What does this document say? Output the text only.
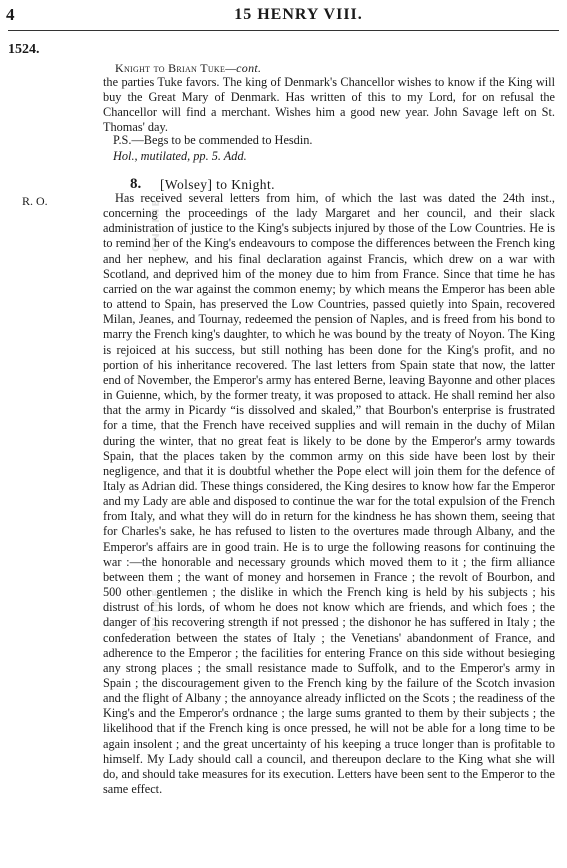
ONLINE
ONLINE
4	15 HENRY VIII.
1524.
Knight to Brian Tuke—cont.
the parties Tuke favors. The king of Denmark's Chancellor wishes to know if the King will buy the Great Mary of Denmark. Has written of this to my Lord, for on refusal the Chancellor will find a merchant. Wishes him a good new year. John Savage left on St. Thomas' day.
P.S.—Begs to be commended to Hesdin.
Hol., mutilated, pp. 5. Add.
8. [Wolsey] to Knight.
R. O.	Has received several letters from him, of which the last was dated the 24th inst., concerning the proceedings of the lady Margaret and her council, and their slack administration of justice to the King's subjects injured by those of the Low Countries. He is to remind her of the King's endeavours to compose the differences between the French king and her nephew, and his final declaration against Francis, which drew on a war with Scotland, and deprived him of the money due to him from France. Since that time he has carried on the war against the common enemy; by which means the Emperor has been able to attend to Spain, has preserved the Low Countries, passed quietly into Spain, recovered Milan, Jeanes, and Tournay, redeemed the pension of Naples, and is freed from his bond to marry the French king's daughter, to which he was bound by the treaty of Noyon. The King is rejoiced at his success, but still nothing has been done for the King's profit, and no portion of his inheritance recovered. The last letters from Spain state that now, the latter end of November, the Emperor's army has entered Berne, leaving Bayonne and other places in Guienne, which, by the former treaty, it was proposed to attack. He shall remind her also that the army in Picardy “is dissolved and skaled,” that Bourbon's enterprise is frustrated for a time, that the French have received supplies and will remain in the duchy of Milan during the winter, that no great feat is likely to be done by the Emperor's army towards Spain, that the places taken by the common army on this side have been lost by their negligence, and that it is doubtful whether the Pope elect will join them for the defence of Italy as Adrian did. These things considered, the King desires to know how far the Emperor and my Lady are able and disposed to continue the war for the total expulsion of the French from Italy, and what they will do in return for the kindness he has shown them, seeing that for Charles's sake, he has refused to listen to the overtures made through Albany, and the Emperor's affairs are in good train. He is to urge the following reasons for continuing the war :—the honorable and necessary grounds which moved them to it ; the firm alliance between them ; the want of money and horsemen in France ; the revolt of Bourbon, and 500 other gentlemen ; the dislike in which the French king is held by his subjects ; his distrust of his lords, of whom he does not know which are friends, and which foes ; the danger of his recovering strength if not pressed ; the dishonor he has suffered in Italy ; the confederation between the states of Italy ; the Venetians' abandonment of France, and adherence to the Emperor ; the facilities for entering France on this side without besieging any strong places ; the small resistance made to Suffolk, and to the Emperor's army in Spain ; the discouragement given to the French king by the failure of the Scotch invasion and the flight of Albany ; the annoyance already inflicted on the Scots ; the readiness of the King's and the Emperor's ordnance ; the large sums granted to them by their subjects ; the likelihood that if the French king is once pressed, he will not be able for a long time to be again insolent ; and the great uncertainty of his keeping a truce longer than is profitable to himself. My Lady should call a council, and thereupon declare to the King what she will do, and should take measures for its execution. Letters have been sent to the Emperor to the same effect.
